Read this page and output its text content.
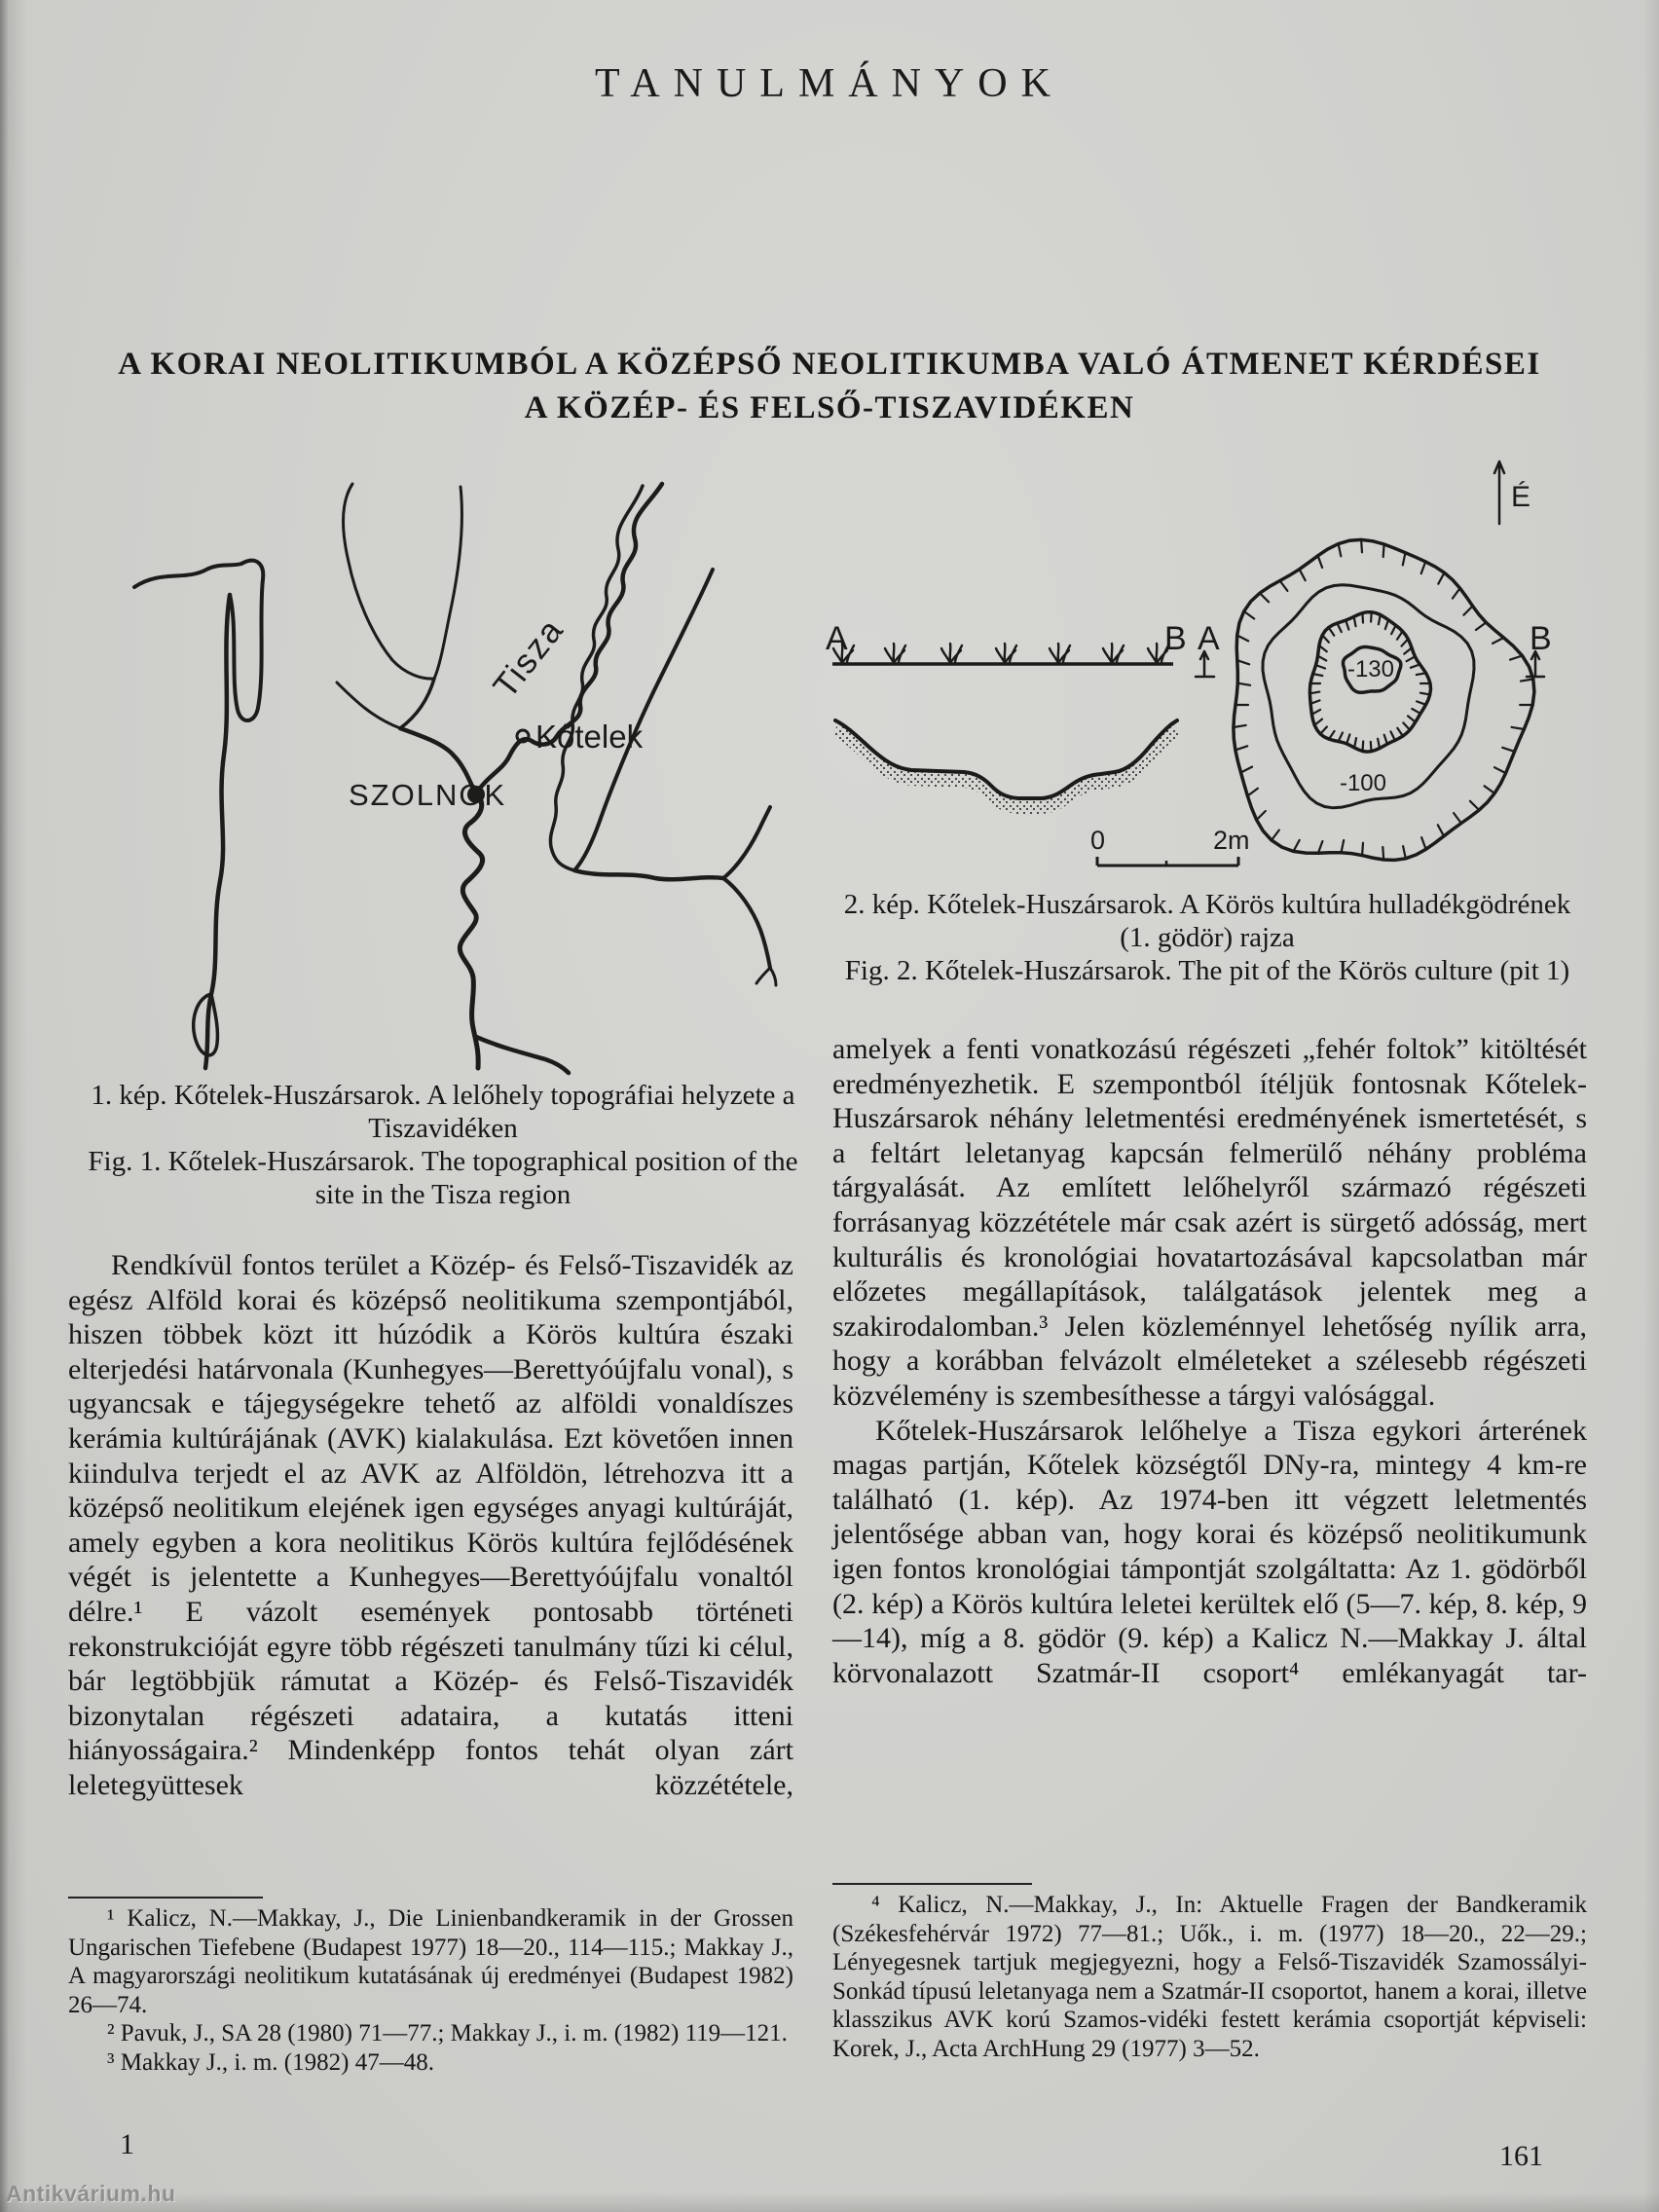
TANULMÁNYOK
A KORAI NEOLITIKUMBÓL A KÖZÉPSŐ NEOLITIKUMBA VALÓ ÁTMENET KÉRDÉSEI
A KÖZÉP- ÉS FELSŐ-TISZAVIDÉKEN
Tisza
Kőtelek
SZOLNOK
É
A	B A	B
-130
-100
0	2m
2. kép. Kőtelek-Huszársarok. A Körös kultúra hulladékgödrének (1. gödör) rajza
Fig. 2. Kőtelek-Huszársarok. The pit of the Körös culture (pit 1)
1. kép. Kőtelek-Huszársarok. A lelőhely topográfiai helyzete a Tiszavidéken
Fig. 1. Kőtelek-Huszársarok. The topographical position of the site in the Tisza region

Rendkívül fontos terület a Közép- és Felső-Tiszavidék az egész Alföld korai és középső neolitikuma szempontjából, hiszen többek közt itt húzódik a Körös kultúra északi elterjedési határvonala (Kunhegyes—Berettyóújfalu vonal), s ugyancsak e tájegységekre tehető az alföldi vonaldíszes kerámia kultúrájának (AVK) kialakulása. Ezt követően innen kiindulva terjedt el az AVK az Alföldön, létrehozva itt a középső neolitikum elejének igen egységes anyagi kultúráját, amely egyben a kora neolitikus Körös kultúra fejlődésének végét is jelentette a Kunhegyes—Berettyóújfalu vonaltól délre.¹ E vázolt események pontosabb történeti rekonstrukcióját egyre több régészeti tanulmány tűzi ki célul, bár legtöbbjük rámutat a Közép- és Felső-Tiszavidék bizonytalan régészeti adataira, a kutatás itteni hiányosságaira.² Mindenképp fontos tehát olyan zárt leletegyüttesek közzététele,

amelyek a fenti vonatkozású régészeti „fehér foltok” kitöltését eredményezhetik. E szempontból ítéljük fontosnak Kőtelek-Huszársarok néhány leletmentési eredményének ismertetését, s a feltárt leletanyag kapcsán felmerülő néhány probléma tárgyalását. Az említett lelőhelyről származó régészeti forrásanyag közzététele már csak azért is sürgető adósság, mert kulturális és kronológiai hovatartozásával kapcsolatban már előzetes megállapítások, találgatások jelentek meg a szakirodalomban.³ Jelen közleménnyel lehetőség nyílik arra, hogy a korábban felvázolt elméleteket a szélesebb régészeti közvélemény is szembesíthesse a tárgyi valósággal.

Kőtelek-Huszársarok lelőhelye a Tisza egykori árterének magas partján, Kőtelek községtől DNy-ra, mintegy 4 km-re található (1. kép). Az 1974-ben itt végzett leletmentés jelentősége abban van, hogy korai és középső neolitikumunk igen fontos kronológiai támpontját szolgáltatta: Az 1. gödörből (2. kép) a Körös kultúra leletei kerültek elő (5—7. kép, 8. kép, 9—14), míg a 8. gödör (9. kép) a Kalicz N.—Makkay J. által körvonalazott Szatmár-II csoport⁴ emlékanyagát tar-

¹ Kalicz, N.—Makkay, J., Die Linienbandkeramik in der Grossen Ungarischen Tiefebene (Budapest 1977) 18—20., 114—115.; Makkay J., A magyarországi neolitikum kutatásának új eredményei (Budapest 1982) 26—74.

² Pavuk, J., SA 28 (1980) 71—77.; Makkay J., i. m. (1982) 119—121.

³ Makkay J., i. m. (1982) 47—48.

⁴ Kalicz, N.—Makkay, J., In: Aktuelle Fragen der Bandkeramik (Székesfehérvár 1972) 77—81.; Uők., i. m. (1977) 18—20., 22—29.; Lényegesnek tartjuk megjegyezni, hogy a Felső-Tiszavidék Szamossályi-Sonkád típusú leletanyaga nem a Szatmár-II csoportot, hanem a korai, illetve klasszikus AVK korú Szamos-vidéki festett kerámia csoportját képviseli: Korek, J., Acta ArchHung 29 (1977) 3—52.

1	161
Antikvárium.hu
